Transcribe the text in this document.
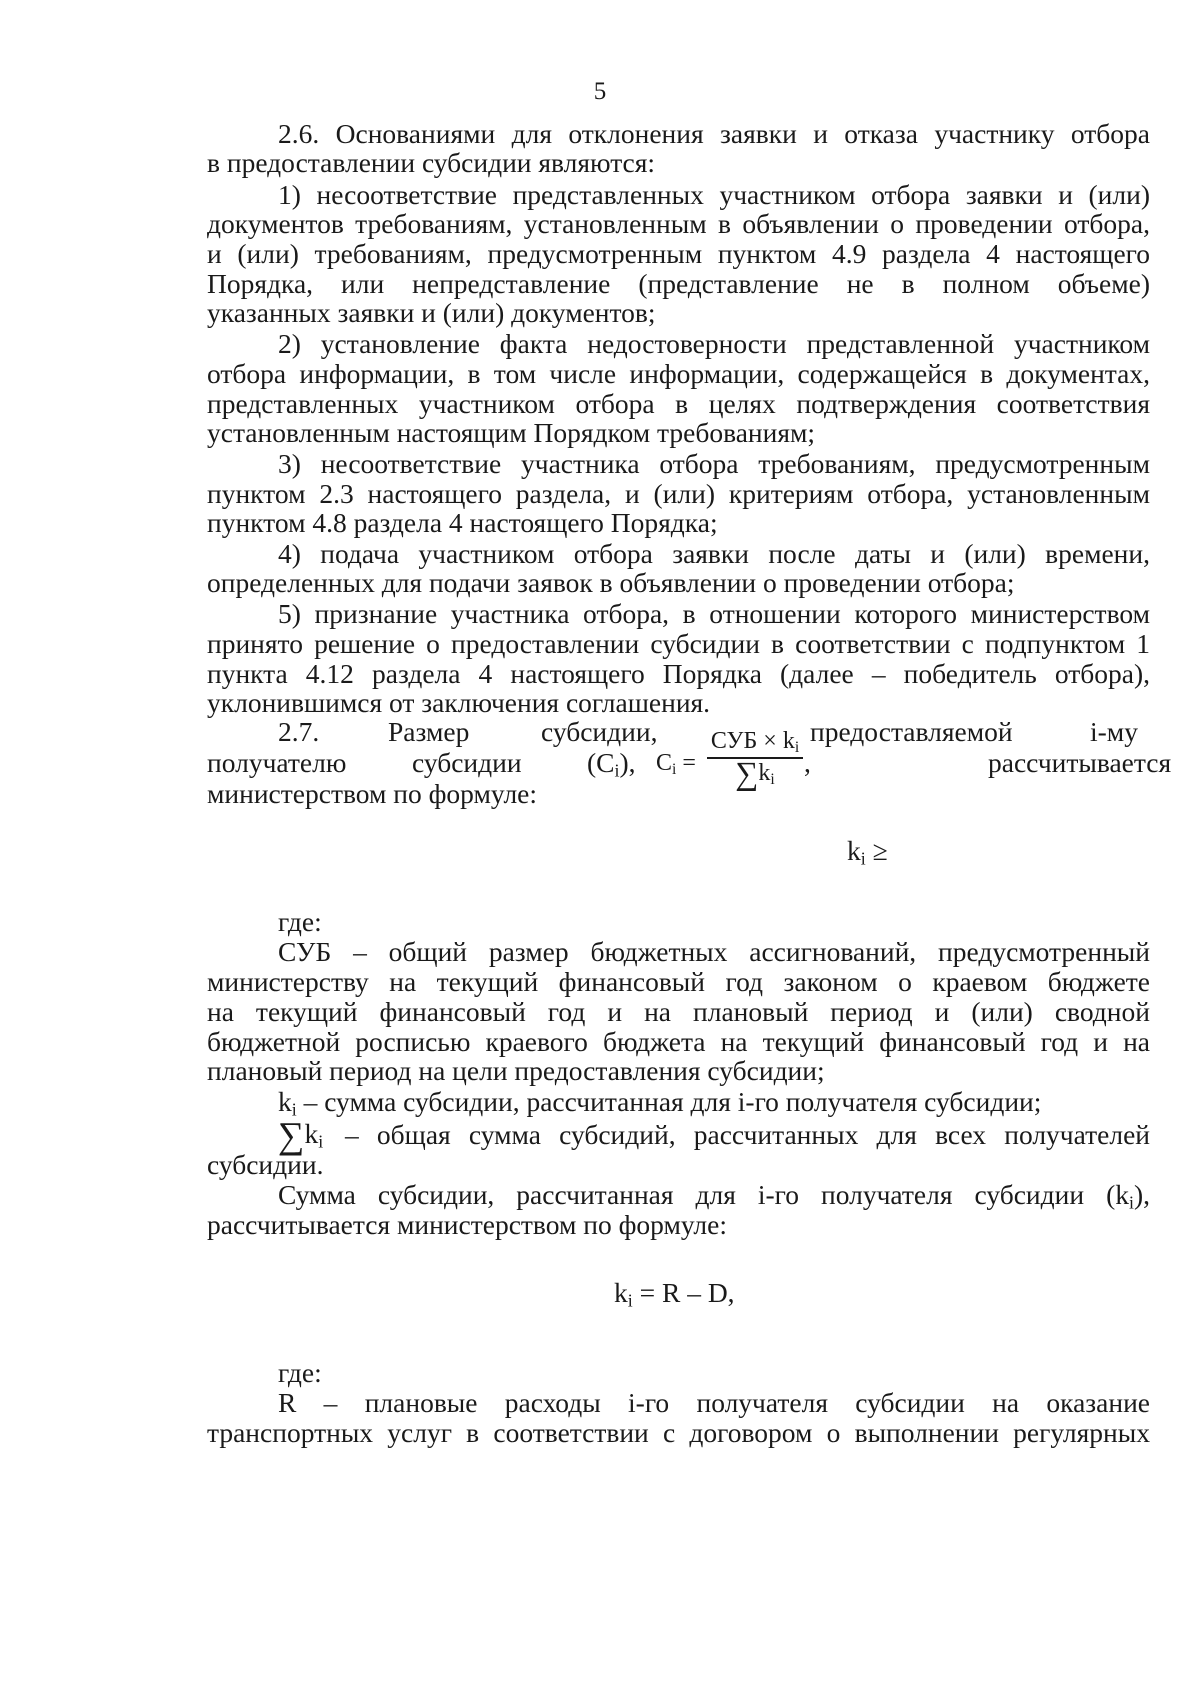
5
2.6. Основаниями для отклонения заявки и отказа участнику отбора
в предоставлении субсидии являются:
1) несоответствие представленных участником отбора заявки и (или)
документов требованиям, установленным в объявлении о проведении отбора,
и (или) требованиям, предусмотренным пунктом 4.9 раздела 4 настоящего
Порядка, или непредставление (представление не в полном объеме)
указанных заявки и (или) документов;
2) установление факта недостоверности представленной участником
отбора информации, в том числе информации, содержащейся в документах,
представленных участником отбора в целях подтверждения соответствия
установленным настоящим Порядком требованиям;
3) несоответствие участника отбора требованиям, предусмотренным
пунктом 2.3 настоящего раздела, и (или) критериям отбора, установленным
пунктом 4.8 раздела 4 настоящего Порядка;
4) подача участником отбора заявки после даты и (или) времени,
определенных для подачи заявок в объявлении о проведении отбора;
5) признание участника отбора, в отношении которого министерством
принято решение о предоставлении субсидии в соответствии с подпунктом 1
пункта 4.12 раздела 4 настоящего Порядка (далее – победитель отбора),
уклонившимся от заключения соглашения.
2.7.	Размер	субсидии,	предоставляемой	i-му
получателю субсидии $(C_i)$,	рассчитывается
$C_i$ =
СУБ × $k_i$
$\sum k_i$
,
министерством по формуле:
$k_i$ ≥
где:
СУБ – общий размер бюджетных ассигнований, предусмотренный
министерству на текущий финансовый год законом о краевом бюджете
на текущий финансовый год и на плановый период и (или) сводной
бюджетной росписью краевого бюджета на текущий финансовый год и на
плановый период на цели предоставления субсидии;
$k_i$ – сумма субсидии, рассчитанная для i-го получателя субсидии;
$\sum k_i$ – общая сумма субсидий, рассчитанных для всех получателей
субсидии.
Сумма субсидии, рассчитанная для i-го получателя субсидии $(k_i)$,
рассчитывается министерством по формуле:
$k_i = R - D$,
где:
R – плановые расходы i-го получателя субсидии на оказание
транспортных услуг в соответствии с договором о выполнении регулярных
